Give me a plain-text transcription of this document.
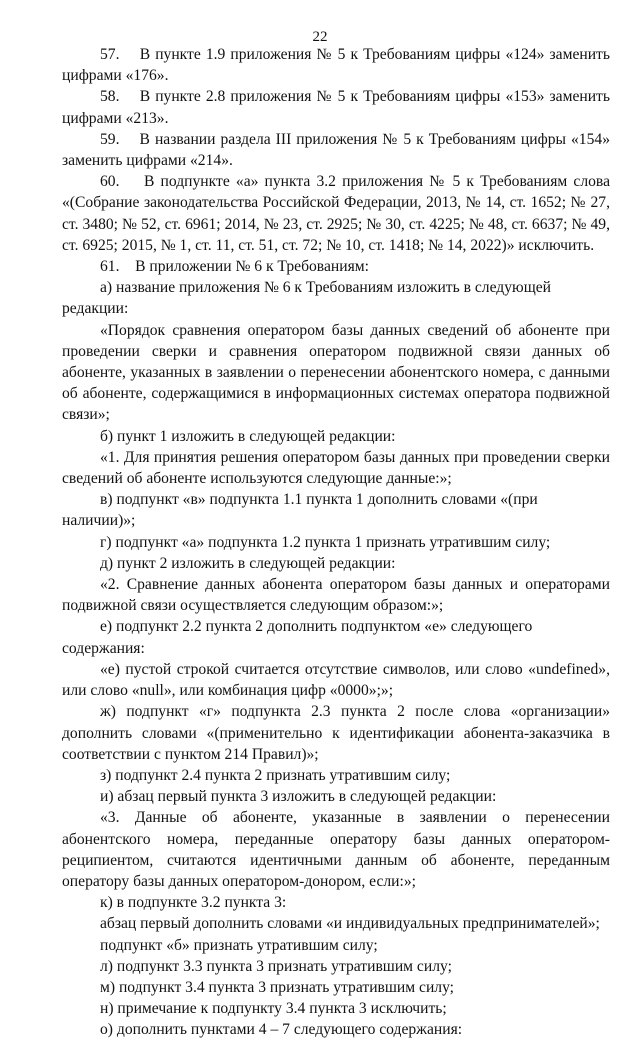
22

57.    В пункте 1.9 приложения № 5 к Требованиям цифры «124» заменить цифрами «176».

58.    В пункте 2.8 приложения № 5 к Требованиям цифры «153» заменить цифрами «213».

59.    В названии раздела III приложения № 5 к Требованиям цифры «154» заменить цифрами «214».

60.    В подпункте «а» пункта 3.2 приложения № 5 к Требованиям слова «(Собрание законодательства Российской Федерации, 2013, № 14, ст. 1652; № 27, ст. 3480; № 52, ст. 6961; 2014, № 23, ст. 2925; № 30, ст. 4225; № 48, ст. 6637; № 49, ст. 6925; 2015, № 1, ст. 11, ст. 51, ст. 72; № 10, ст. 1418; № 14, 2022)» исключить.

61.    В приложении № 6 к Требованиям:

а) название приложения № 6 к Требованиям изложить в следующей редакции:

«Порядок сравнения оператором базы данных сведений об абоненте при проведении сверки и сравнения оператором подвижной связи данных об абоненте, указанных в заявлении о перенесении абонентского номера, с данными об абоненте, содержащимися в информационных системах оператора подвижной связи»;

б) пункт 1 изложить в следующей редакции:

«1. Для принятия решения оператором базы данных при проведении сверки сведений об абоненте используются следующие данные:»;

в) подпункт «в» подпункта 1.1 пункта 1 дополнить словами «(при наличии)»;

г) подпункт «а» подпункта 1.2 пункта 1 признать утратившим силу;

д) пункт 2 изложить в следующей редакции:

«2. Сравнение данных абонента оператором базы данных и операторами подвижной связи осуществляется следующим образом:»;

е) подпункт 2.2 пункта 2 дополнить подпунктом «е» следующего содержания:

«е) пустой строкой считается отсутствие символов, или слово «undefined», или слово «null», или комбинация цифр «0000»;»;

ж) подпункт «г» подпункта 2.3 пункта 2 после слова «организации» дополнить словами «(применительно к идентификации абонента-заказчика в соответствии с пунктом 214 Правил)»;

з) подпункт 2.4 пункта 2 признать утратившим силу;

и) абзац первый пункта 3 изложить в следующей редакции:

«3. Данные об абоненте, указанные в заявлении о перенесении абонентского номера, переданные оператору базы данных оператором-реципиентом, считаются идентичными данным об абоненте, переданным оператору базы данных оператором-донором, если:»;

к) в подпункте 3.2 пункта 3:

абзац первый дополнить словами «и индивидуальных предпринимателей»;

подпункт «б» признать утратившим силу;

л) подпункт 3.3 пункта 3 признать утратившим силу;

м) подпункт 3.4 пункта 3 признать утратившим силу;

н) примечание к подпункту 3.4 пункта 3 исключить;

о) дополнить пунктами 4 – 7 следующего содержания:
